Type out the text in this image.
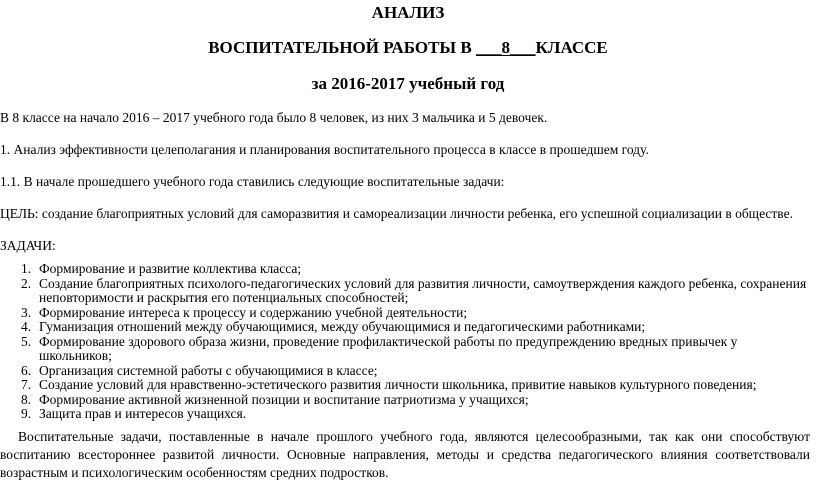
АНАЛИЗ
ВОСПИТАТЕЛЬНОЙ РАБОТЫ В ___8___КЛАССЕ
за 2016-2017 учебный год
В 8 классе на начало 2016 – 2017 учебного года было 8 человек, из них 3 мальчика и 5 девочек.
1. Анализ эффективности целеполагания и планирования воспитательного процесса в классе в прошедшем году.
1.1. В начале прошедшего учебного года ставились следующие воспитательные задачи:
ЦЕЛЬ: создание благоприятных условий для саморазвития и самореализации личности ребенка, его успешной социализации в обществе.
ЗАДАЧИ:
1. Формирование и развитие коллектива класса;
2. Создание благоприятных психолого-педагогических условий для развития личности, самоутверждения каждого ребенка, сохранения неповторимости и раскрытия его потенциальных способностей;
3. Формирование интереса к процессу и содержанию учебной деятельности;
4. Гуманизация отношений между обучающимися, между обучающимися и педагогическими работниками;
5. Формирование здорового образа жизни, проведение профилактической работы по предупреждению вредных привычек у школьников;
6. Организация системной работы с обучающимися в классе;
7. Создание условий для нравственно-эстетического развития личности школьника, привитие навыков культурного поведения;
8. Формирование активной жизненной позиции и воспитание патриотизма у учащихся;
9. Защита прав и интересов учащихся.
Воспитательные задачи, поставленные в начале прошлого учебного года, являются целесообразными, так как они способствуют воспитанию всестороннее развитой личности. Основные направления, методы и средства педагогического влияния соответствовали возрастным и психологическим особенностям средних подростков.
